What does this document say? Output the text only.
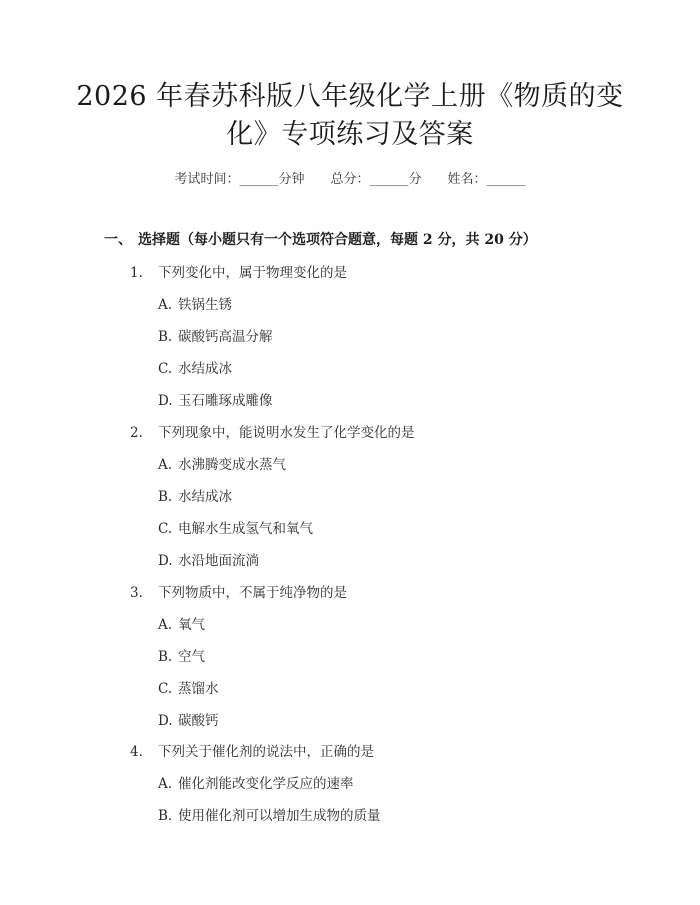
2026 年春苏科版八年级化学上册《物质的变
化》专项练习及答案
考试时间：______分钟 总分：______分 姓名：______
一、 选择题（每小题只有一个选项符合题意，每题 2 分，共 20 分）
1. 下列变化中，属于物理变化的是
A. 铁锅生锈
B. 碳酸钙高温分解
C. 水结成冰
D. 玉石雕琢成雕像
2. 下列现象中，能说明水发生了化学变化的是
A. 水沸腾变成水蒸气
B. 水结成冰
C. 电解水生成氢气和氧气
D. 水沿地面流淌
3. 下列物质中，不属于纯净物的是
A. 氧气
B. 空气
C. 蒸馏水
D. 碳酸钙
4. 下列关于催化剂的说法中，正确的是
A. 催化剂能改变化学反应的速率
B. 使用催化剂可以增加生成物的质量
